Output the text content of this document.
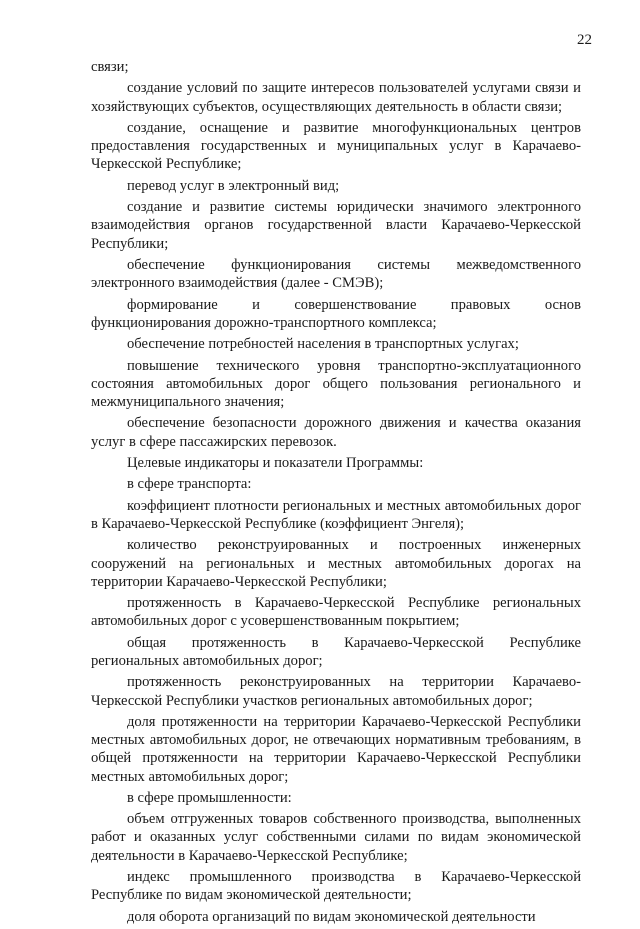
22

связи;

создание условий по защите интересов пользователей услугами связи и хозяйствующих субъектов, осуществляющих деятельность в области связи;

создание, оснащение и развитие многофункциональных центров предоставления государственных и муниципальных услуг в Карачаево-Черкесской Республике;

перевод услуг в электронный вид;

создание и развитие системы юридически значимого электронного взаимодействия органов государственной власти Карачаево-Черкесской Республики;

обеспечение функционирования системы межведомственного электронного взаимодействия (далее - СМЭВ);

формирование и совершенствование правовых основ функционирования дорожно-транспортного комплекса;

обеспечение потребностей населения в транспортных услугах;

повышение технического уровня транспортно-эксплуатационного состояния автомобильных дорог общего пользования регионального и межмуниципального значения;

обеспечение безопасности дорожного движения и качества оказания услуг в сфере пассажирских перевозок.

Целевые индикаторы и показатели Программы:

в сфере транспорта:

коэффициент плотности региональных и местных автомобильных дорог в Карачаево-Черкесской Республике (коэффициент Энгеля);

количество реконструированных и построенных инженерных сооружений на региональных и местных автомобильных дорогах на территории Карачаево-Черкесской Республики;

протяженность в Карачаево-Черкесской Республике региональных автомобильных дорог с усовершенствованным покрытием;

общая протяженность в Карачаево-Черкесской Республике региональных автомобильных дорог;

протяженность реконструированных на территории Карачаево-Черкесской Республики участков региональных автомобильных дорог;

доля протяженности на территории Карачаево-Черкесской Республики местных автомобильных дорог, не отвечающих нормативным требованиям, в общей протяженности на территории Карачаево-Черкесской Республики местных автомобильных дорог;

в сфере промышленности:

объем отгруженных товаров собственного производства, выполненных работ и оказанных услуг собственными силами по видам экономической деятельности в Карачаево-Черкесской Республике;

индекс промышленного производства в Карачаево-Черкесской Республике по видам экономической деятельности;

доля оборота организаций по видам экономической деятельности
